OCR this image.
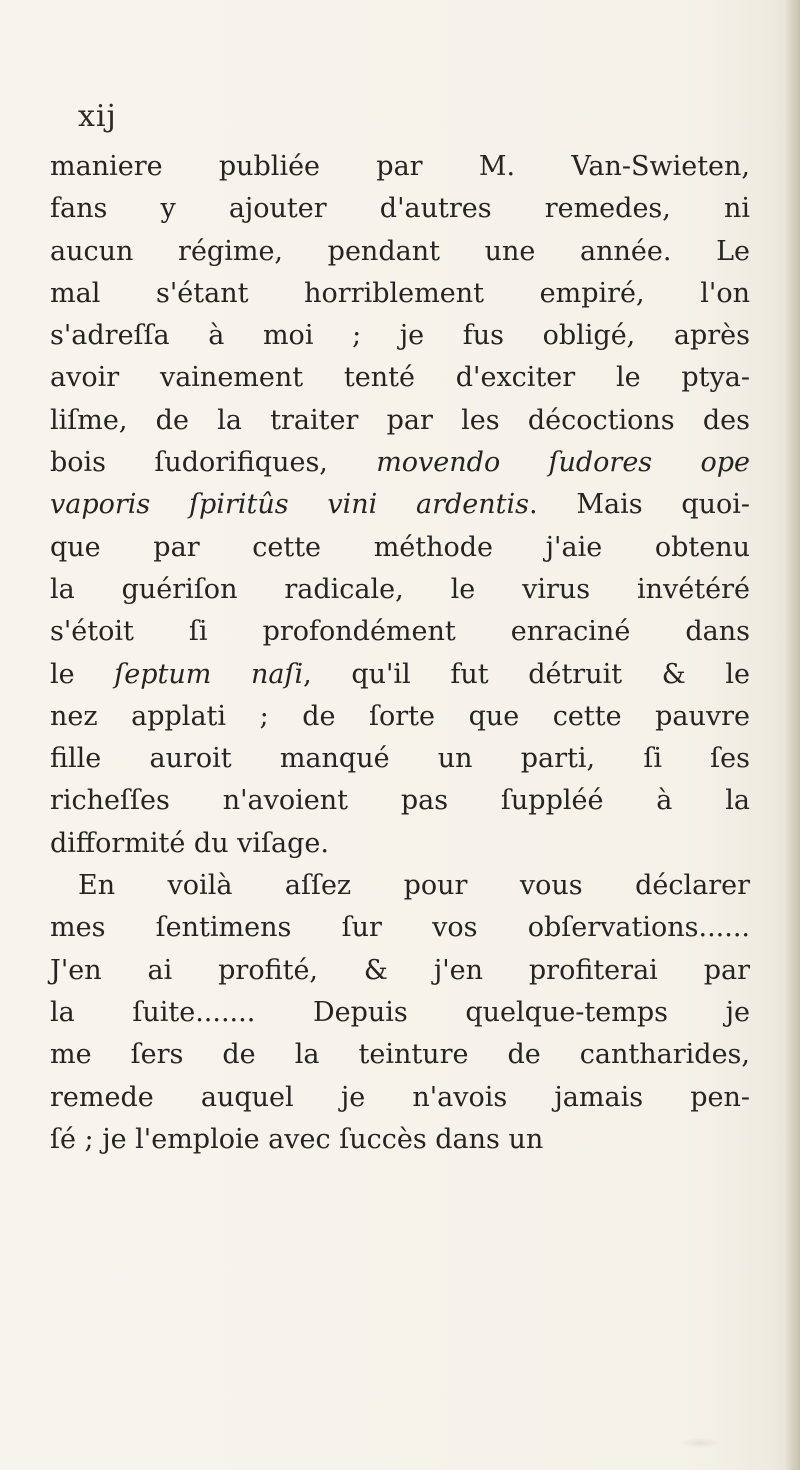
xij
maniere publiée par M. Van-Swieten,
fans y ajouter d'autres remedes, ni
aucun régime, pendant une année. Le
mal s'étant horriblement empiré, l'on
s'adreſſa à moi ; je fus obligé, après
avoir vainement tenté d'exciter le ptya-
liſme, de la traiter par les décoctions des
bois ſudorifiques, movendo ſudores ope
vaporis ſpiritûs vini ardentis. Mais quoi-
que par cette méthode j'aie obtenu
la guériſon radicale, le virus invétéré
s'étoit ſi profondément enraciné dans
le ſeptum naſi, qu'il fut détruit & le
nez applati ; de ſorte que cette pauvre
fille auroit manqué un parti, ſi ſes
richeſſes n'avoient pas ſuppléé à la
difformité du viſage.
En voilà aſſez pour vous déclarer
mes ſentimens ſur vos obſervations......
J'en ai profité, & j'en profiterai par
la ſuite....... Depuis quelque-temps je
me ſers de la teinture de cantharides,
remede auquel je n'avois jamais pen-
ſé ; je l'emploie avec ſuccès dans un
